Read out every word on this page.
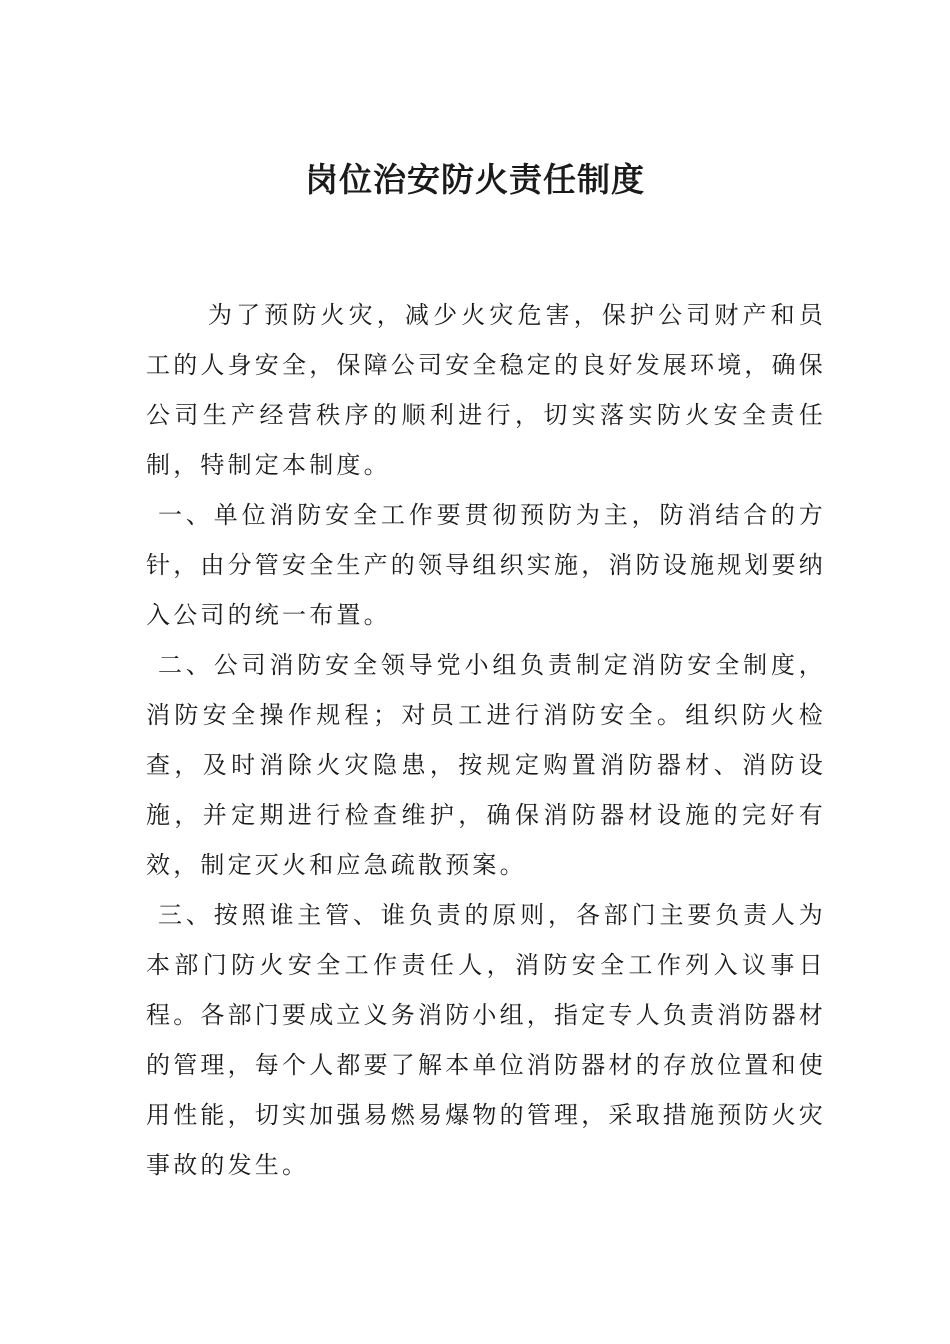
岗位治安防火责任制度

为了预防火灾，减少火灾危害，保护公司财产和员工的人身安全，保障公司安全稳定的良好发展环境，确保公司生产经营秩序的顺利进行，切实落实防火安全责任制，特制定本制度。

一、单位消防安全工作要贯彻预防为主，防消结合的方针，由分管安全生产的领导组织实施，消防设施规划要纳入公司的统一布置。

二、公司消防安全领导党小组负责制定消防安全制度，消防安全操作规程；对员工进行消防安全。组织防火检查，及时消除火灾隐患，按规定购置消防器材、消防设施，并定期进行检查维护，确保消防器材设施的完好有效，制定灭火和应急疏散预案。

三、按照谁主管、谁负责的原则，各部门主要负责人为本部门防火安全工作责任人，消防安全工作列入议事日程。各部门要成立义务消防小组，指定专人负责消防器材的管理，每个人都要了解本单位消防器材的存放位置和使用性能，切实加强易燃易爆物的管理，采取措施预防火灾事故的发生。
